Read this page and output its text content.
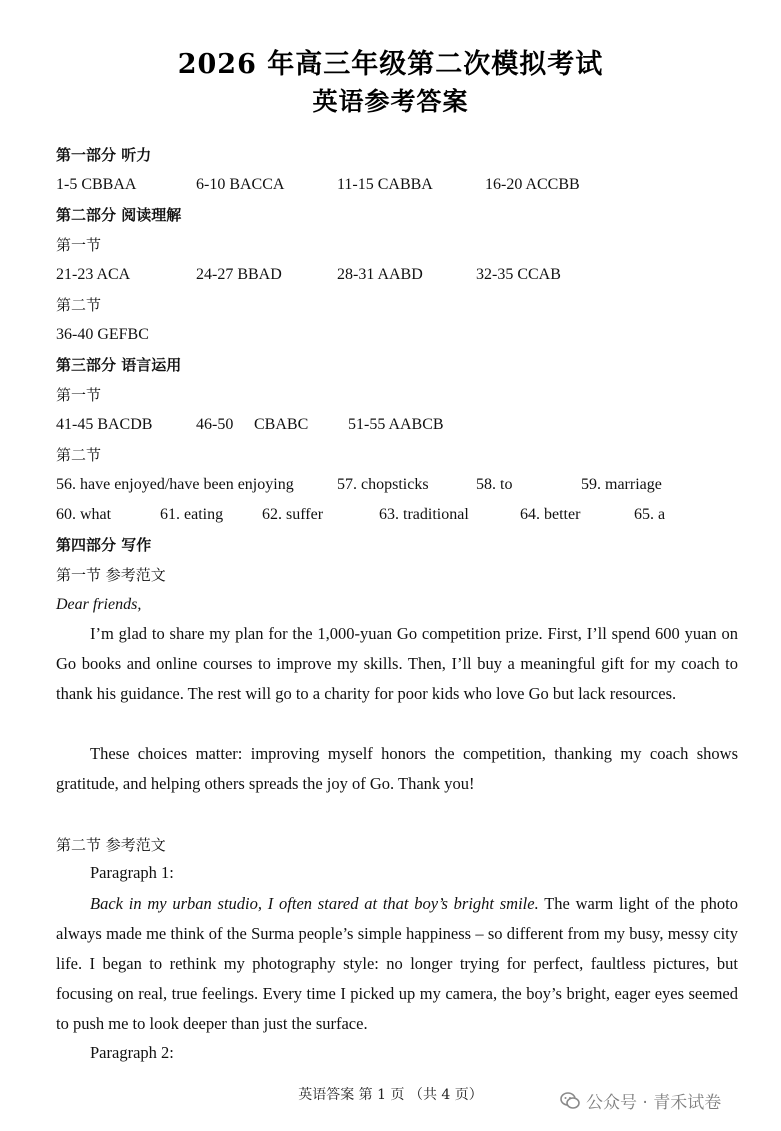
2026 年高三年级第二次模拟考试
英语参考答案
第一部分 听力
1-5 CBBAA	6-10 BACCA	11-15 CABBA	16-20 ACCBB
第二部分 阅读理解
第一节
21-23 ACA	24-27 BBAD	28-31 AABD	32-35 CCAB
第二节
36-40 GEFBC
第三部分 语言运用
第一节
41-45 BACDB	46-50 CBABC 51-55 AABCB
第二节
56. have enjoyed/have been enjoying	57. chopsticks	58. to	59. marriage
60. what	61. eating 62. suffer	63. traditional	64. better	65. a
第四部分 写作
第一节 参考范文
Dear friends,
I’m glad to share my plan for the 1,000-yuan Go competition prize. First, I’ll spend 600 yuan on Go books and online courses to improve my skills. Then, I’ll buy a meaningful gift for my coach to thank his guidance. The rest will go to a charity for poor kids who love Go but lack resources.
These choices matter: improving myself honors the competition, thanking my coach shows gratitude, and helping others spreads the joy of Go. Thank you!
第二节 参考范文
Paragraph 1:
Back in my urban studio, I often stared at that boy’s bright smile. The warm light of the photo always made me think of the Surma people’s simple happiness – so different from my busy, messy city life. I began to rethink my photography style: no longer trying for perfect, faultless pictures, but focusing on real, true feelings. Every time I picked up my camera, the boy’s bright, eager eyes seemed to push me to look deeper than just the surface.
Paragraph 2:
英语答案 第 1 页 （共 4 页）	公众号 · 青禾试卷
